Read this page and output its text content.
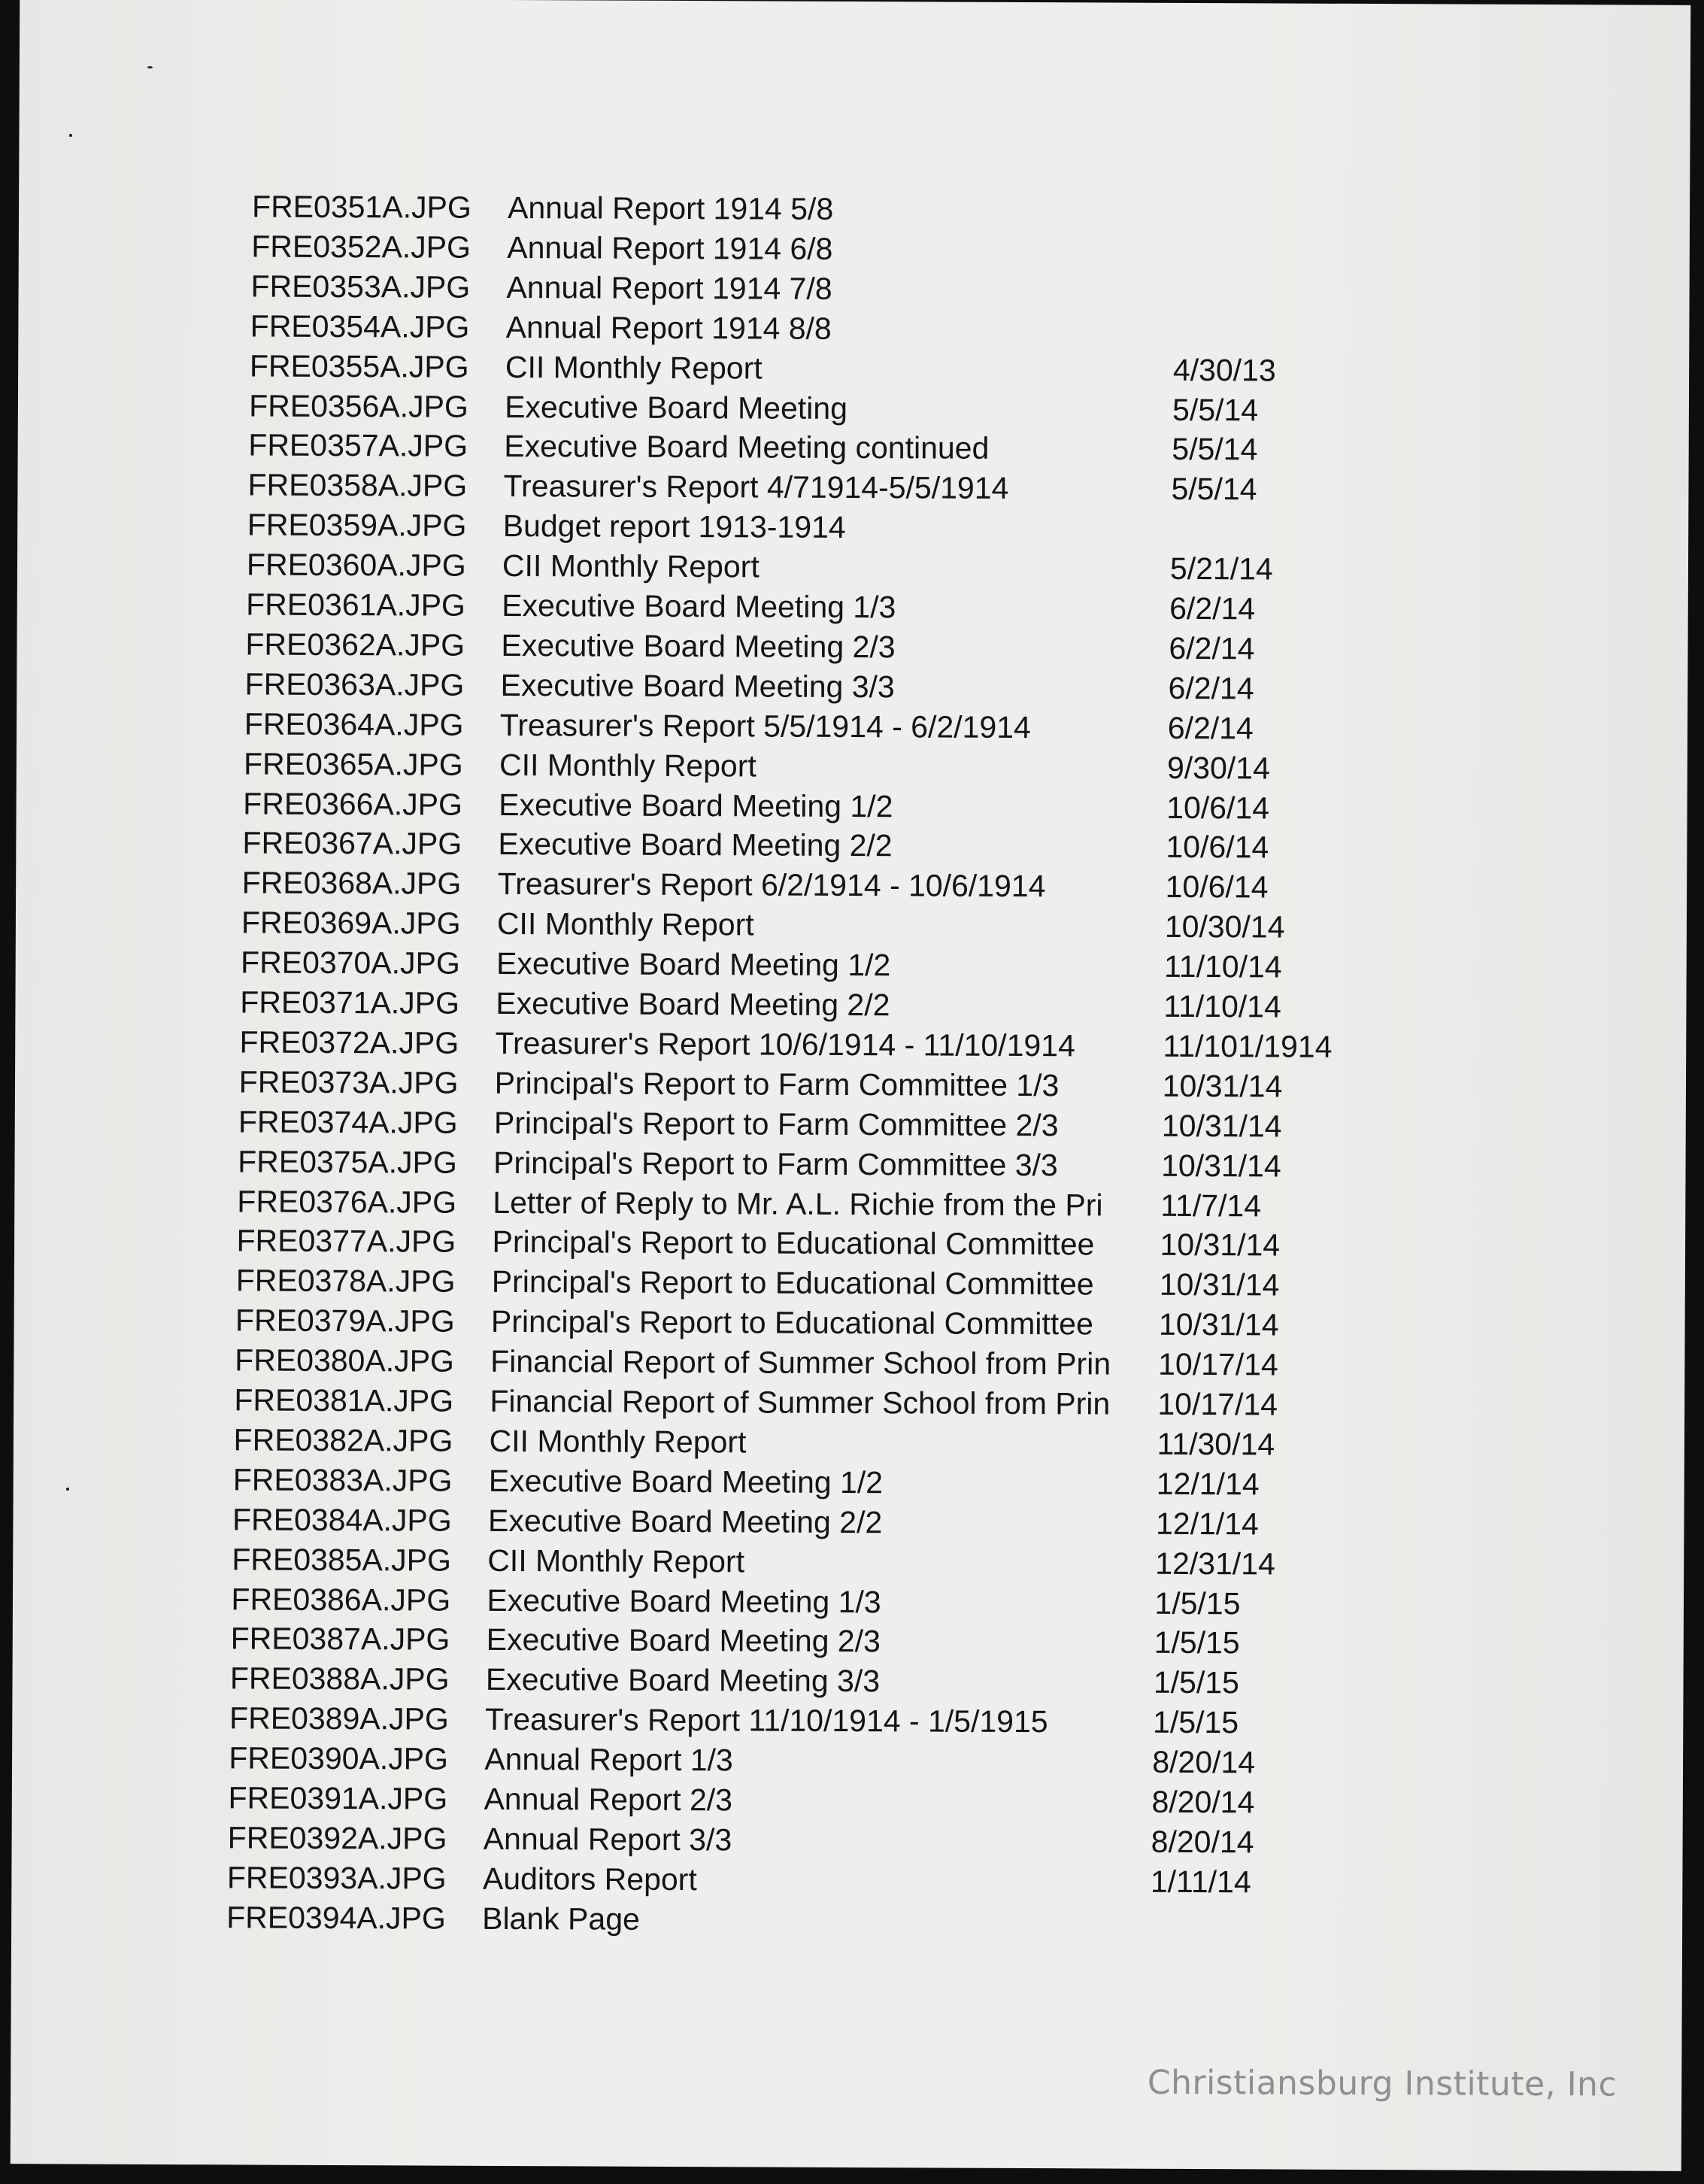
FRE0351A.JPG	Annual Report 1914 5/8
FRE0352A.JPG	Annual Report 1914 6/8
FRE0353A.JPG	Annual Report 1914 7/8
FRE0354A.JPG	Annual Report 1914 8/8
FRE0355A.JPG	CII Monthly Report	4/30/13
FRE0356A.JPG	Executive Board Meeting	5/5/14
FRE0357A.JPG	Executive Board Meeting continued	5/5/14
FRE0358A.JPG	Treasurer's Report 4/71914-5/5/1914	5/5/14
FRE0359A.JPG	Budget report 1913-1914
FRE0360A.JPG	CII Monthly Report	5/21/14
FRE0361A.JPG	Executive Board Meeting 1/3	6/2/14
FRE0362A.JPG	Executive Board Meeting 2/3	6/2/14
FRE0363A.JPG	Executive Board Meeting 3/3	6/2/14
FRE0364A.JPG	Treasurer's Report 5/5/1914 - 6/2/1914	6/2/14
FRE0365A.JPG	CII Monthly Report	9/30/14
FRE0366A.JPG	Executive Board Meeting 1/2	10/6/14
FRE0367A.JPG	Executive Board Meeting 2/2	10/6/14
FRE0368A.JPG	Treasurer's Report 6/2/1914 - 10/6/1914	10/6/14
FRE0369A.JPG	CII Monthly Report	10/30/14
FRE0370A.JPG	Executive Board Meeting 1/2	11/10/14
FRE0371A.JPG	Executive Board Meeting 2/2	11/10/14
FRE0372A.JPG	Treasurer's Report 10/6/1914 - 11/10/1914	11/101/1914
FRE0373A.JPG	Principal's Report to Farm Committee 1/3	10/31/14
FRE0374A.JPG	Principal's Report to Farm Committee 2/3	10/31/14
FRE0375A.JPG	Principal's Report to Farm Committee 3/3	10/31/14
FRE0376A.JPG	Letter of Reply to Mr. A.L. Richie from the Pri	11/7/14
FRE0377A.JPG	Principal's Report to Educational Committee	10/31/14
FRE0378A.JPG	Principal's Report to Educational Committee	10/31/14
FRE0379A.JPG	Principal's Report to Educational Committee	10/31/14
FRE0380A.JPG	Financial Report of Summer School from Prin	10/17/14
FRE0381A.JPG	Financial Report of Summer School from Prin	10/17/14
FRE0382A.JPG	CII Monthly Report	11/30/14
FRE0383A.JPG	Executive Board Meeting 1/2	12/1/14
FRE0384A.JPG	Executive Board Meeting 2/2	12/1/14
FRE0385A.JPG	CII Monthly Report	12/31/14
FRE0386A.JPG	Executive Board Meeting 1/3	1/5/15
FRE0387A.JPG	Executive Board Meeting 2/3	1/5/15
FRE0388A.JPG	Executive Board Meeting 3/3	1/5/15
FRE0389A.JPG	Treasurer's Report 11/10/1914 - 1/5/1915	1/5/15
FRE0390A.JPG	Annual Report 1/3	8/20/14
FRE0391A.JPG	Annual Report 2/3	8/20/14
FRE0392A.JPG	Annual Report 3/3	8/20/14
FRE0393A.JPG	Auditors Report	1/11/14
FRE0394A.JPG	Blank Page
Christiansburg Institute, Inc
